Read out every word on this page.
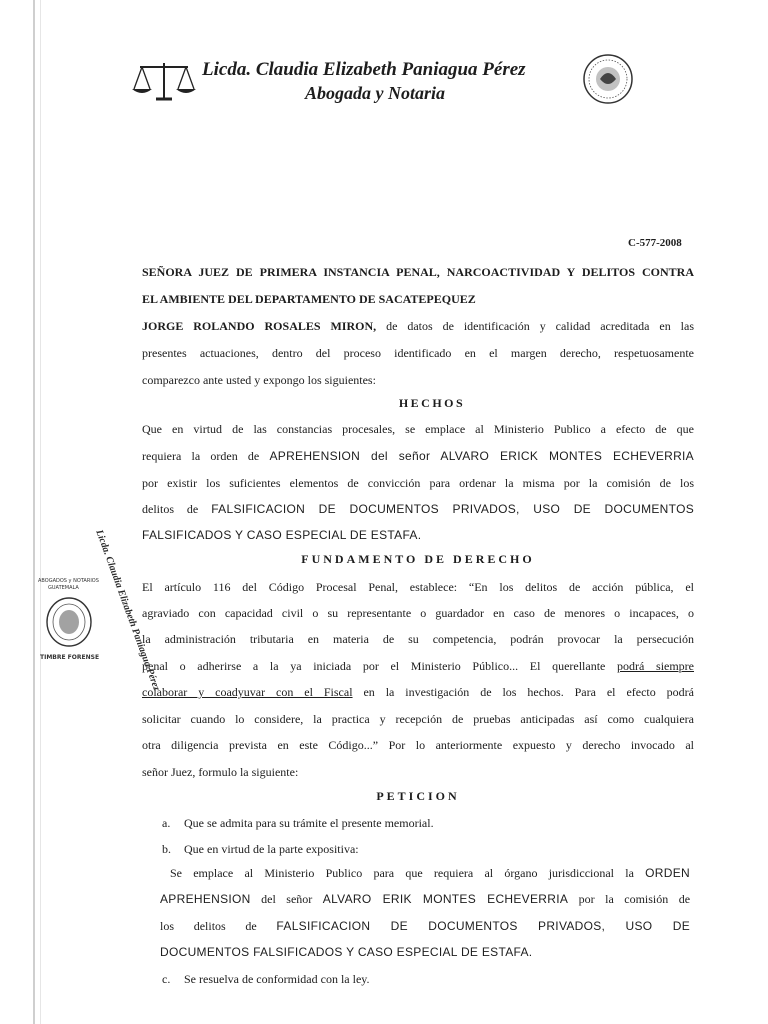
Licda. Claudia Elizabeth Paniagua Pérez
Abogada y Notaria
C-577-2008
SEÑORA JUEZ DE PRIMERA INSTANCIA PENAL, NARCOACTIVIDAD Y DELITOS CONTRA
EL AMBIENTE DEL DEPARTAMENTO DE SACATEPEQUEZ
JORGE ROLANDO ROSALES MIRON, de datos de identificación y calidad acreditada en las
presentes actuaciones, dentro del proceso identificado en el margen derecho, respetuosamente
comparezco ante usted y expongo los siguientes:
HECHOS
Que en virtud de las constancias procesales, se emplace al Ministerio Publico a efecto de que
requiera la orden de APREHENSION del señor ALVARO ERICK MONTES ECHEVERRIA
por existir los suficientes elementos de convicción para ordenar la misma por la comisión de los
delitos de FALSIFICACION DE DOCUMENTOS PRIVADOS, USO DE DOCUMENTOS
FALSIFICADOS Y CASO ESPECIAL DE ESTAFA.
FUNDAMENTO DE DERECHO
El artículo 116 del Código Procesal Penal, establece: “En los delitos de acción pública, el
agraviado con capacidad civil o su representante o guardador en caso de menores o incapaces, o
la administración tributaria en materia de su competencia, podrán provocar la persecución
penal o adherirse a la ya iniciada por el Ministerio Público... El querellante podrá siempre
colaborar y coadyuvar con el Fiscal en la investigación de los hechos. Para el efecto podrá
solicitar cuando lo considere, la practica y recepción de pruebas anticipadas así como cualquiera
otra diligencia prevista en este Código...” Por lo anteriormente expuesto y derecho invocado al
señor Juez, formulo la siguiente:
PETICION
a. Que se admita para su trámite el presente memorial.
b. Que en virtud de la parte expositiva:
Se emplace al Ministerio Publico para que requiera al órgano jurisdiccional la ORDEN
APREHENSION del señor ALVARO ERIK MONTES ECHEVERRIA por la comisión de
los delitos de FALSIFICACION DE DOCUMENTOS PRIVADOS, USO DE
DOCUMENTOS FALSIFICADOS Y CASO ESPECIAL DE ESTAFA.
c. Se resuelva de conformidad con la ley.
ABOGADOS y NOTARIOS
GUATEMALA
TIMBRE FORENSE
Licda. Claudia Elizabeth Paniagua Pérez
